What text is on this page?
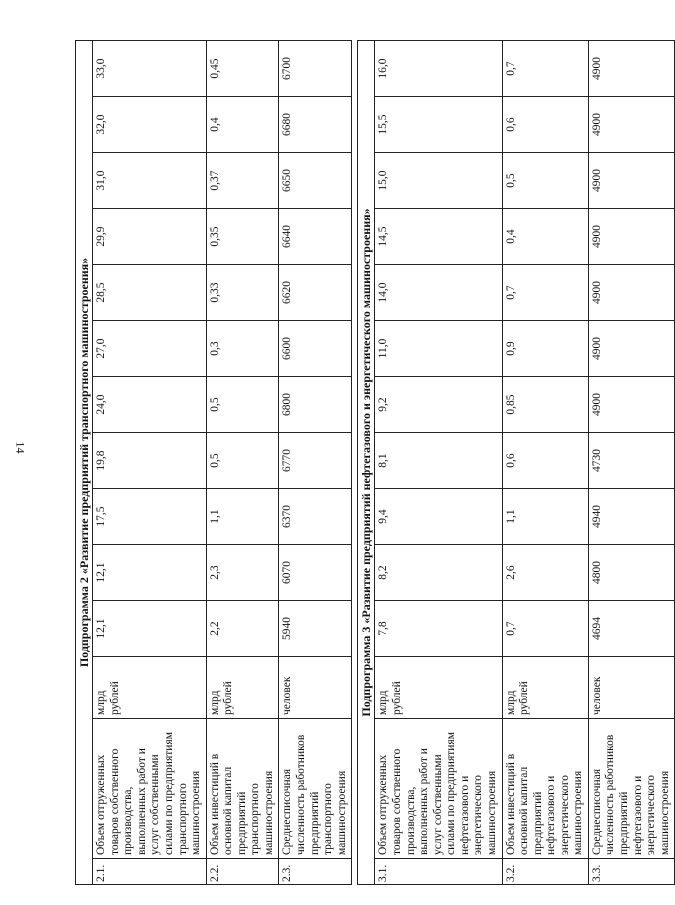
14	Подпрограмма 2 «Развитие предприятий транспортного машиностроения»													
2.1.	Объем отгруженных товаров собственного производства, выполненных работ и услуг собственными силами по предприятиям транспортного машиностроения	млрд рублей	12,1	12,1	17,5	19,8	24,0	27,0	28,5	29,9	31,0	32,0	33,0
2.2.	Объем инвестиций в основной капитал предприятий транспортного машиностроения	млрд рублей	2,2	2,3	1,1	0,5	0,5	0,3	0,33	0,35	0,37	0,4	0,45
2.3.	Среднесписочная численность работников предприятий транспортного машиностроения	человек	5940	6070	6370	6770	6800	6600	6620	6640	6650	6680	6700

Подпрограмма 3 «Развитие предприятий нефтегазового и энергетического машиностроения»													
3.1.	Объем отгруженных товаров собственного производства, выполненных работ и услуг собственными силами по предприятиям нефтегазового и энергетического машиностроения	млрд рублей	7,8	8,2	9,4	8,1	9,2	11,0	14,0	14,5	15,0	15,5	16,0
3.2.	Объем инвестиций в основной капитал предприятий нефтегазового и энергетического машиностроения	млрд рублей	0,7	2,6	1,1	0,6	0,85	0,9	0,7	0,4	0,5	0,6	0,7
3.3.	Среднесписочная численность работников предприятий нефтегазового и энергетического машиностроения	человек	4694	4800	4940	4730	4900	4900	4900	4900	4900	4900	4900
